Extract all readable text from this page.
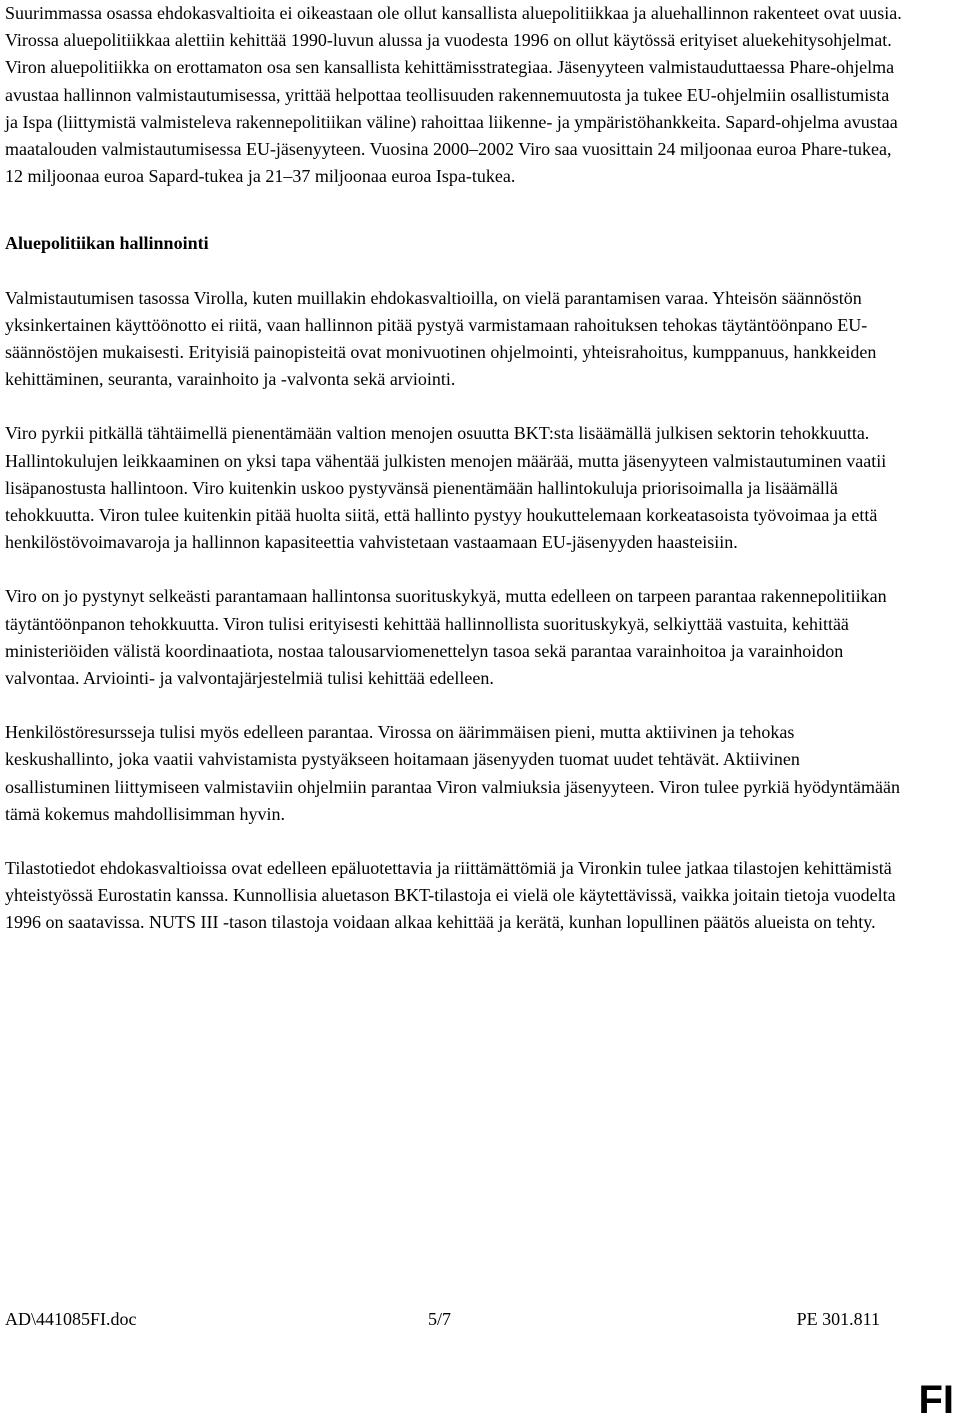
Suurimmassa osassa ehdokasvaltioita ei oikeastaan ole ollut kansallista aluepolitiikkaa ja aluehallinnon rakenteet ovat uusia. Virossa aluepolitiikkaa alettiin kehittää 1990-luvun alussa ja vuodesta 1996 on ollut käytössä erityiset aluekehitysohjelmat. Viron aluepolitiikka on erottamaton osa sen kansallista kehittämisstrategiaa. Jäsenyyteen valmistauduttaessa Phare-ohjelma avustaa hallinnon valmistautumisessa, yrittää helpottaa teollisuuden rakennemuutosta ja tukee EU-ohjelmiin osallistumista ja Ispa (liittymistä valmisteleva rakennepolitiikan väline) rahoittaa liikenne- ja ympäristöhankkeita. Sapard-ohjelma avustaa maatalouden valmistautumisessa EU-jäsenyyteen. Vuosina 2000–2002 Viro saa vuosittain 24 miljoonaa euroa Phare-tukea, 12 miljoonaa euroa Sapard-tukea ja 21–37 miljoonaa euroa Ispa-tukea.

Aluepolitiikan hallinnointi

Valmistautumisen tasossa Virolla, kuten muillakin ehdokasvaltioilla, on vielä parantamisen varaa. Yhteisön säännöstön yksinkertainen käyttöönotto ei riitä, vaan hallinnon pitää pystyä varmistamaan rahoituksen tehokas täytäntöönpano EU-säännöstöjen mukaisesti. Erityisiä painopisteitä ovat monivuotinen ohjelmointi, yhteisrahoitus, kumppanuus, hankkeiden kehittäminen, seuranta, varainhoito ja -valvonta sekä arviointi.

Viro pyrkii pitkällä tähtäimellä pienentämään valtion menojen osuutta BKT:sta lisäämällä julkisen sektorin tehokkuutta. Hallintokulujen leikkaaminen on yksi tapa vähentää julkisten menojen määrää, mutta jäsenyyteen valmistautuminen vaatii lisäpanostusta hallintoon. Viro kuitenkin uskoo pystyvänsä pienentämään hallintokuluja priorisoimalla ja lisäämällä tehokkuutta. Viron tulee kuitenkin pitää huolta siitä, että hallinto pystyy houkuttelemaan korkeatasoista työvoimaa ja että henkilöstövoimavaroja ja hallinnon kapasiteettia vahvistetaan vastaamaan EU-jäsenyyden haasteisiin.

Viro on jo pystynyt selkeästi parantamaan hallintonsa suorituskykyä, mutta edelleen on tarpeen parantaa rakennepolitiikan täytäntöönpanon tehokkuutta. Viron tulisi erityisesti kehittää hallinnollista suorituskykyä, selkiyttää vastuita, kehittää ministeriöiden välistä koordinaatiota, nostaa talousarviomenettelyn tasoa sekä parantaa varainhoitoa ja varainhoidon valvontaa. Arviointi- ja valvontajärjestelmiä tulisi kehittää edelleen.

Henkilöstöresursseja tulisi myös edelleen parantaa. Virossa on äärimmäisen pieni, mutta aktiivinen ja tehokas keskushallinto, joka vaatii vahvistamista pystyäkseen hoitamaan jäsenyyden tuomat uudet tehtävät. Aktiivinen osallistuminen liittymiseen valmistaviin ohjelmiin parantaa Viron valmiuksia jäsenyyteen. Viron tulee pyrkiä hyödyntämään tämä kokemus mahdollisimman hyvin.

Tilastotiedot ehdokasvaltioissa ovat edelleen epäluotettavia ja riittämättömiä ja Vironkin tulee jatkaa tilastojen kehittämistä yhteistyössä Eurostatin kanssa. Kunnollisia aluetason BKT-tilastoja ei vielä ole käytettävissä, vaikka joitain tietoja vuodelta 1996 on saatavissa. NUTS III -tason tilastoja voidaan alkaa kehittää ja kerätä, kunhan lopullinen päätös alueista on tehty.

AD\441085FI.doc	5/7	PE 301.811
FI
